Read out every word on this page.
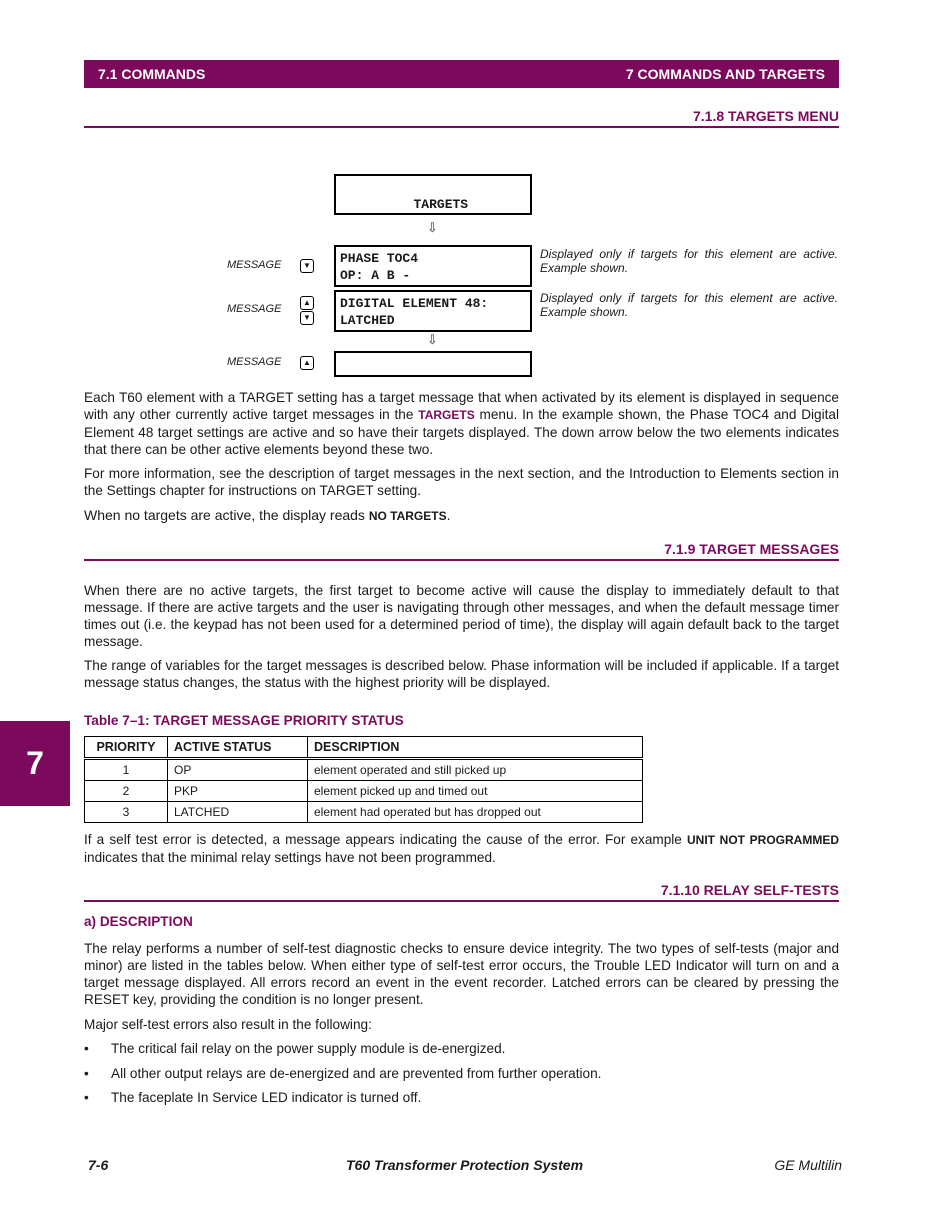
7.1 COMMANDS	7 COMMANDS AND TARGETS
7.1.8 TARGETS MENU

TARGETS

⇩
MESSAGE	▼	PHASE TOC4
OP: A B -
Displayed only if targets for this element are active. Example shown.
MESSAGE
▲
▼
DIGITAL ELEMENT 48:
LATCHED
Displayed only if targets for this element are active. Example shown.
⇩
MESSAGE	▲
Each T60 element with a TARGET setting has a target message that when activated by its element is displayed in sequence with any other currently active target messages in the TARGETS menu. In the example shown, the Phase TOC4 and Digital Element 48 target settings are active and so have their targets displayed. The down arrow below the two elements indicates that there can be other active elements beyond these two.
For more information, see the description of target messages in the next section, and the Introduction to Elements section in the Settings chapter for instructions on TARGET setting.
When no targets are active, the display reads NO TARGETS.
7.1.9 TARGET MESSAGES
When there are no active targets, the first target to become active will cause the display to immediately default to that message. If there are active targets and the user is navigating through other messages, and when the default message timer times out (i.e. the keypad has not been used for a determined period of time), the display will again default back to the target message.
The range of variables for the target messages is described below. Phase information will be included if applicable. If a target message status changes, the status with the highest priority will be displayed.
Table 7–1: TARGET MESSAGE PRIORITY STATUS
PRIORITY	ACTIVE STATUS	DESCRIPTION
1	OP	element operated and still picked up
2	PKP	element picked up and timed out
3	LATCHED	element had operated but has dropped out
7
If a self test error is detected, a message appears indicating the cause of the error. For example UNIT NOT PROGRAMMED indicates that the minimal relay settings have not been programmed.
7.1.10 RELAY SELF-TESTS
a) DESCRIPTION
The relay performs a number of self-test diagnostic checks to ensure device integrity. The two types of self-tests (major and minor) are listed in the tables below. When either type of self-test error occurs, the Trouble LED Indicator will turn on and a target message displayed. All errors record an event in the event recorder. Latched errors can be cleared by pressing the RESET key, providing the condition is no longer present.
Major self-test errors also result in the following:
• The critical fail relay on the power supply module is de-energized.
• All other output relays are de-energized and are prevented from further operation.
• The faceplate In Service LED indicator is turned off.
7-6	T60 Transformer Protection System	GE Multilin
